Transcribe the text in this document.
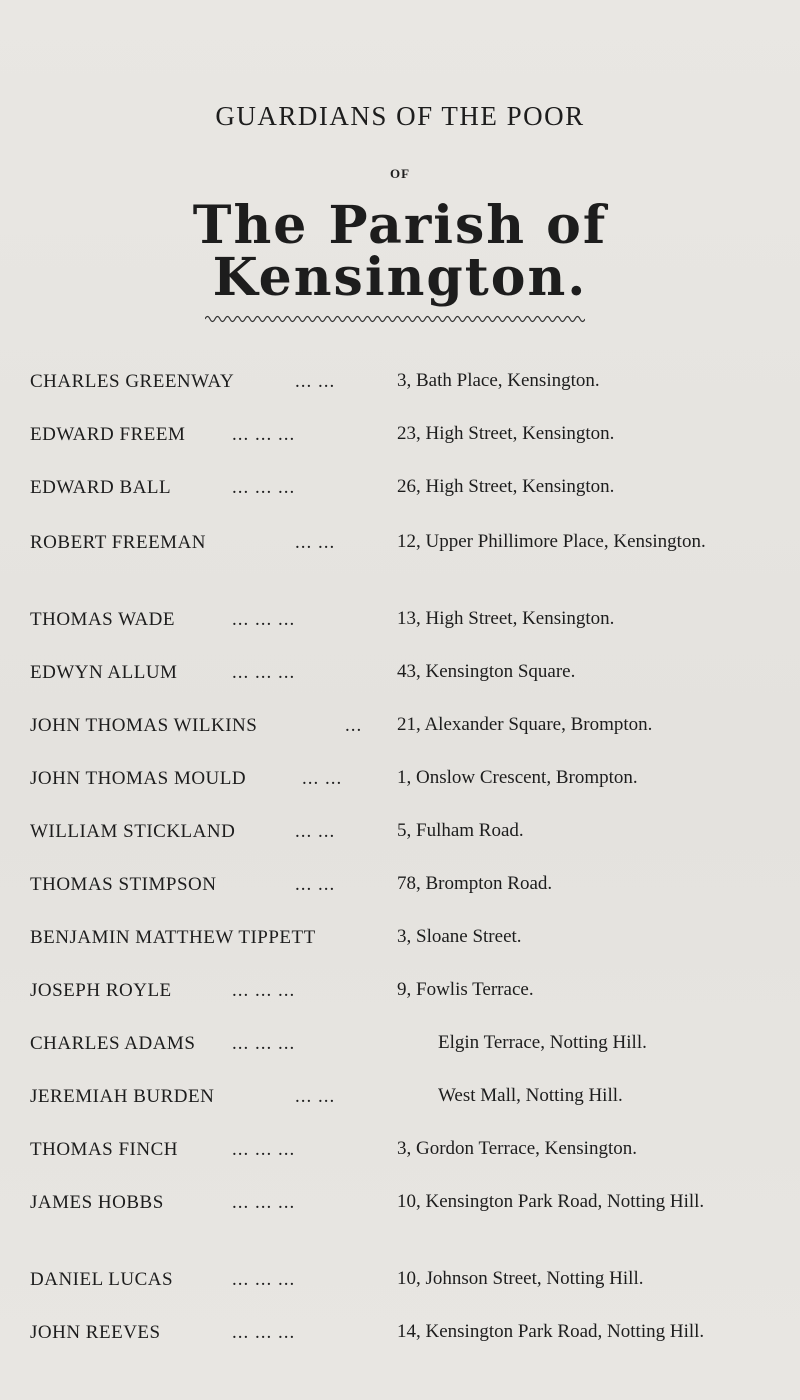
GUARDIANS OF THE POOR
OF
The Parish of Kensington.
CHARLES GREENWAY	... ...	3, Bath Place, Kensington.
EDWARD FREEM ... ... ...	23, High Street, Kensington.
EDWARD BALL	... ... ...	26, High Street, Kensington.
ROBERT FREEMAN	... ...	12, Upper Phillimore Place, Kensington.
THOMAS WADE	... ... ...	13, High Street, Kensington.
EDWYN ALLUM	... ... ...	43, Kensington Square.
JOHN THOMAS WILKINS	... 21, Alexander Square, Brompton.
JOHN THOMAS MOULD	... ...	1, Onslow Crescent, Brompton.
WILLIAM STICKLAND	... ...	5, Fulham Road.
THOMAS STIMPSON	... ...	78, Brompton Road.
BENJAMIN MATTHEW TIPPETT	3, Sloane Street.
JOSEPH ROYLE	... ... ...	9, Fowlis Terrace.
CHARLES ADAMS ... ... ...	Elgin Terrace, Notting Hill.
JEREMIAH BURDEN	... ...	West Mall, Notting Hill.
THOMAS FINCH	... ... ...	3, Gordon Terrace, Kensington.
JAMES HOBBS	... ... ...	10, Kensington Park Road, Notting Hill.
DANIEL LUCAS	... ... ...	10, Johnson Street, Notting Hill.
JOHN REEVES	... ... ...	14, Kensington Park Road, Notting Hill.
